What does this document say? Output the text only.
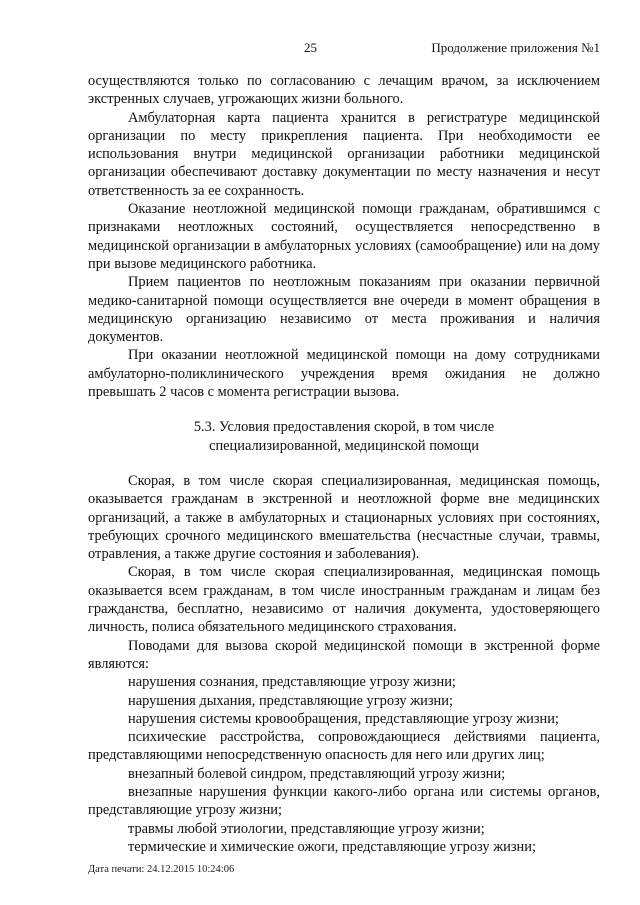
25	Продолжение приложения №1

осуществляются только по согласованию с лечащим врачом, за исключением экстренных случаев, угрожающих жизни больного.

Амбулаторная карта пациента хранится в регистратуре медицинской организации по месту прикрепления пациента. При необходимости ее использования внутри медицинской организации работники медицинской организации обеспечивают доставку документации по месту назначения и несут ответственность за ее сохранность.

Оказание неотложной медицинской помощи гражданам, обратившимся с признаками неотложных состояний, осуществляется непосредственно в медицинской организации в амбулаторных условиях (самообращение) или на дому при вызове медицинского работника.

Прием пациентов по неотложным показаниям при оказании первичной медико-санитарной помощи осуществляется вне очереди в момент обращения в медицинскую организацию независимо от места проживания и наличия документов.

При оказании неотложной медицинской помощи на дому сотрудниками амбулаторно-поликлинического учреждения время ожидания не должно превышать 2 часов с момента регистрации вызова.

5.3. Условия предоставления скорой, в том числе
специализированной, медицинской помощи

Скорая, в том числе скорая специализированная, медицинская помощь, оказывается гражданам в экстренной и неотложной форме вне медицинских организаций, а также в амбулаторных и стационарных условиях при состояниях, требующих срочного медицинского вмешательства (несчастные случаи, травмы, отравления, а также другие состояния и заболевания).

Скорая, в том числе скорая специализированная, медицинская помощь оказывается всем гражданам, в том числе иностранным гражданам и лицам без гражданства, бесплатно, независимо от наличия документа, удостоверяющего личность, полиса обязательного медицинского страхования.

Поводами для вызова скорой медицинской помощи в экстренной форме являются:

нарушения сознания, представляющие угрозу жизни;

нарушения дыхания, представляющие угрозу жизни;

нарушения системы кровообращения, представляющие угрозу жизни;

психические расстройства, сопровождающиеся действиями пациента, представляющими непосредственную опасность для него или других лиц;

внезапный болевой синдром, представляющий угрозу жизни;

внезапные нарушения функции какого-либо органа или системы органов, представляющие угрозу жизни;

травмы любой этиологии, представляющие угрозу жизни;

термические и химические ожоги, представляющие угрозу жизни;

Дата печати: 24.12.2015 10:24:06
